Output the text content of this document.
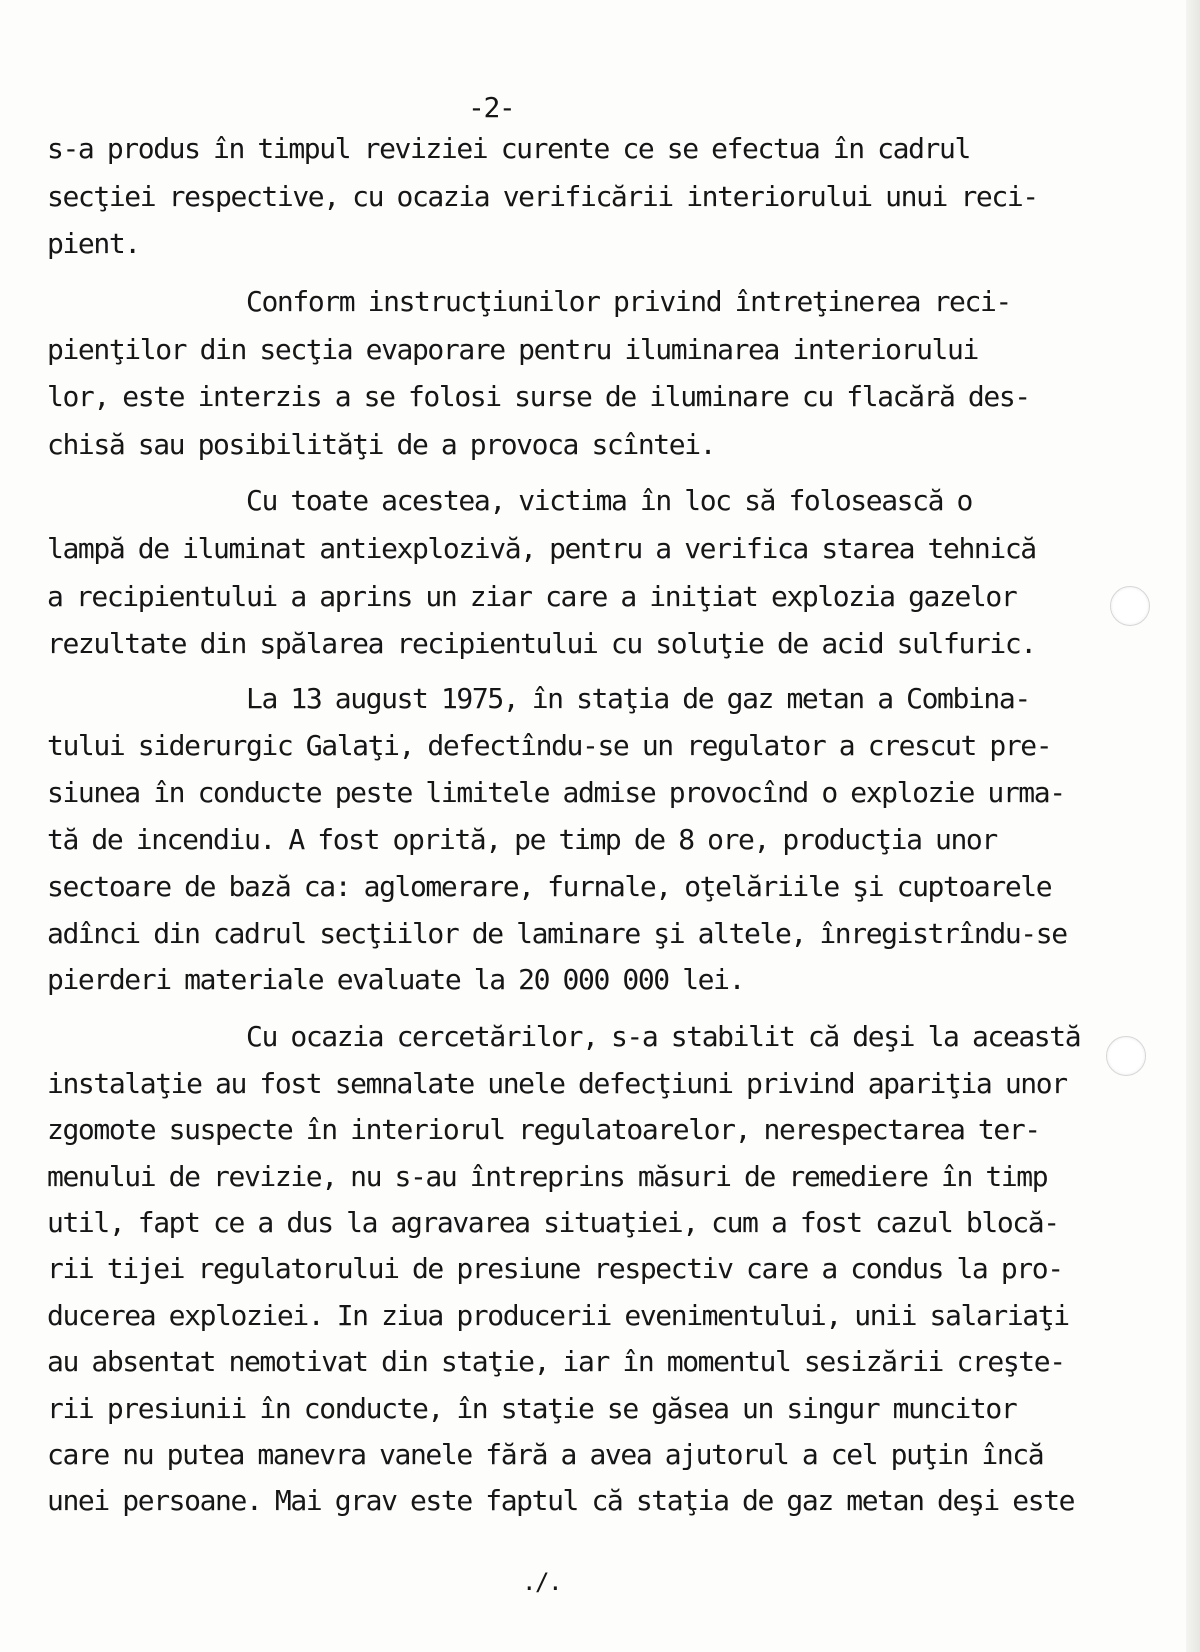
-2-
s-a produs în timpul reviziei curente ce se efectua în cadrul
secţiei respective, cu ocazia verificării interiorului unui reci-
pient.
Conform instrucţiunilor privind întreţinerea reci-
pienţilor din secţia evaporare pentru iluminarea interiorului
lor, este interzis a se folosi surse de iluminare cu flacără des-
chisă sau posibilităţi de a provoca scîntei.
Cu toate acestea, victima în loc să folosească o
lampă de iluminat antiexplozivă, pentru a verifica starea tehnică
a recipientului a aprins un ziar care a iniţiat explozia gazelor
rezultate din spălarea recipientului cu soluţie de acid sulfuric.
La 13 august 1975, în staţia de gaz metan a Combina-
tului siderurgic Galaţi, defectîndu-se un regulator a crescut pre-
siunea în conducte peste limitele admise provocînd o explozie urma-
tă de incendiu. A fost oprită, pe timp de 8 ore, producţia unor
sectoare de bază ca: aglomerare, furnale, oţelăriile şi cuptoarele
adînci din cadrul secţiilor de laminare şi altele, înregistrîndu-se
pierderi materiale evaluate la 20 000 000 lei.
Cu ocazia cercetărilor, s-a stabilit că deşi la această
instalaţie au fost semnalate unele defecţiuni privind apariţia unor
zgomote suspecte în interiorul regulatoarelor, nerespectarea ter-
menului de revizie, nu s-au întreprins măsuri de remediere în timp
util, fapt ce a dus la agravarea situaţiei, cum a fost cazul blocă-
rii tijei regulatorului de presiune respectiv care a condus la pro-
ducerea exploziei. In ziua producerii evenimentului, unii salariaţi
au absentat nemotivat din staţie, iar în momentul sesizării creşte-
rii presiunii în conducte, în staţie se găsea un singur muncitor
care nu putea manevra vanele fără a avea ajutorul a cel puţin încă
unei persoane. Mai grav este faptul că staţia de gaz metan deşi este
./.
